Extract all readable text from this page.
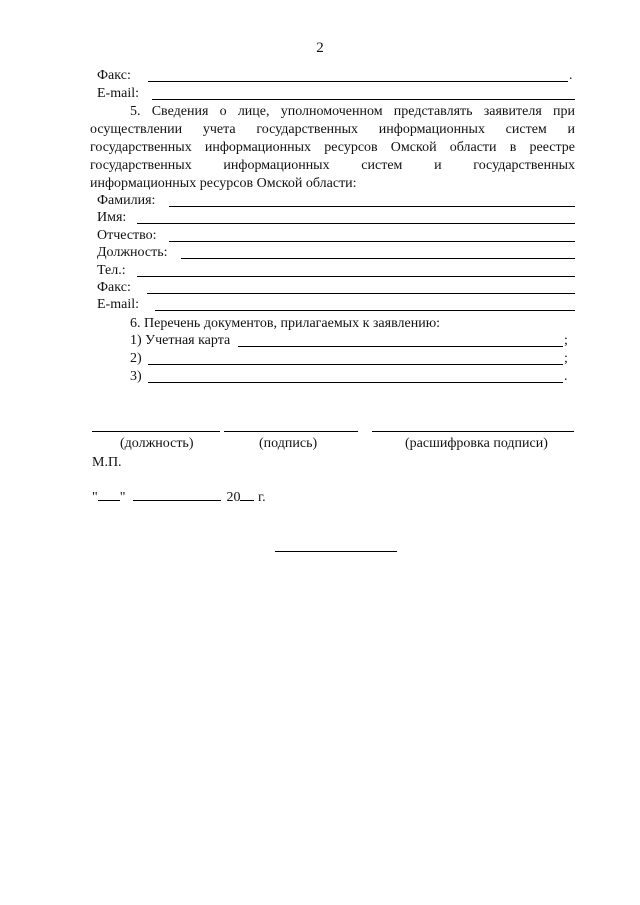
2
Факс:	.
E-mail:
5. Сведения о лице, уполномоченном представлять заявителя при
осуществлении учета государственных информационных систем и
государственных информационных ресурсов Омской области в реестре
государственных информационных систем и государственных
информационных ресурсов Омской области:
Фамилия:
Имя:
Отчество:
Должность:
Тел.:
Факс:
E-mail:
6. Перечень документов, прилагаемых к заявлению:
1) Учетная карта	;
2)	;
3)	.
(должность)	(подпись)	(расшифровка подписи)
М.П.
" "	20 г.
